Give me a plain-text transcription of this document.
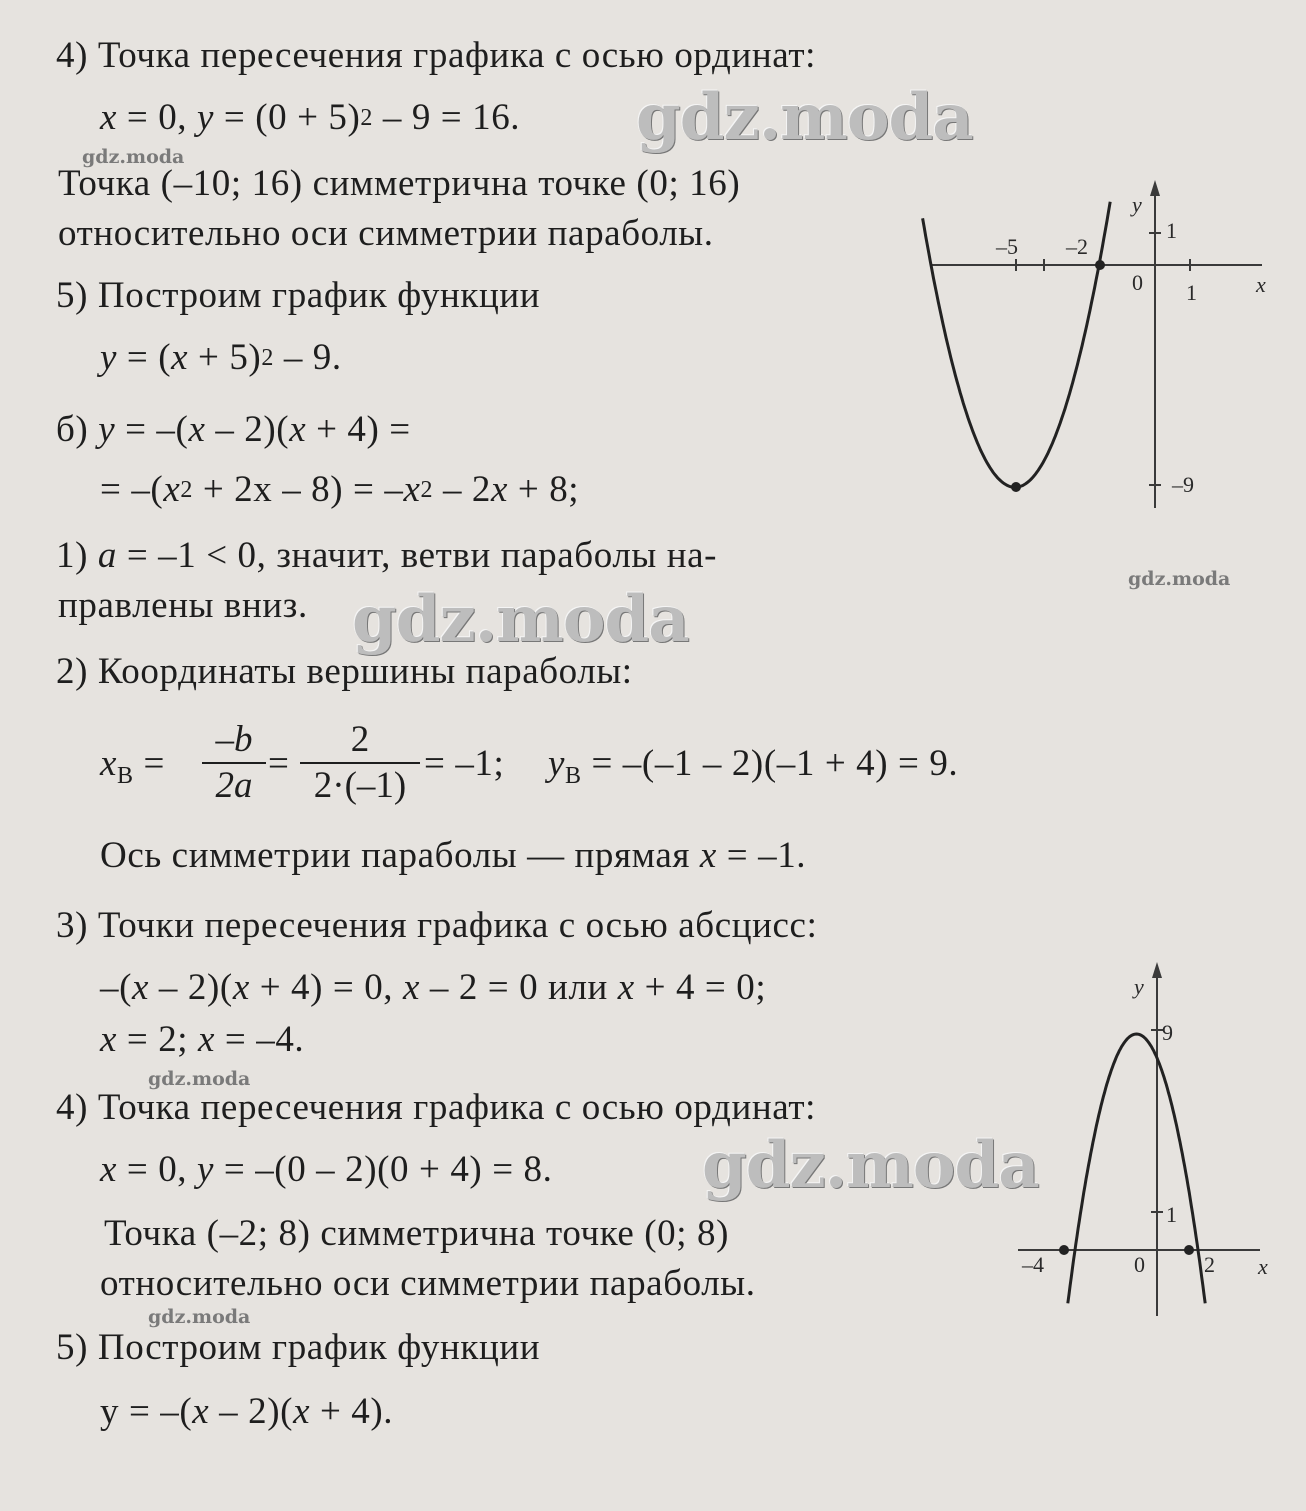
gdz.moda
gdz.moda
gdz.moda
gdz.moda
gdz.moda
gdz.moda
gdz.moda
4) Точка пересечения графика с осью ординат:
x = 0, $y = (0 + 5)^2 - 9 = 16$.
Точка (–10; 16) симметрична точке (0; 16)
относительно оси симметрии параболы.
5) Построим график функции
$y = (x + 5)^2 - 9$.
б) y = –(x – 2)(x + 4) =
= $-(x^2 + 2x - 8) = -x^2 - 2x + 8$;
1) a = –1 < 0, значит, ветви параболы на-
правлены вниз.
2) Координаты вершины параболы:
$x_В = \frac{-b}{2a} = \frac{2}{2\cdot(-1)} = -1$; $y_В = -(-1 - 2)(-1 + 4) = 9$.
Ось симметрии параболы — прямая x = –1.
3) Точки пересечения графика с осью абсцисс:
–(x – 2)(x + 4) = 0, x – 2 = 0 или x + 4 = 0;
x = 2; x = –4.
4) Точка пересечения графика с осью ординат:
x = 0, y = –(0 – 2)(0 + 4) = 8.
Точка (–2; 8) симметрична точке (0; 8)
относительно оси симметрии параболы.
5) Построим график функции
y = –(x – 2)(x + 4).
y
x
–5 –2
0 1
1
–9
y
x
9
1
–4	0	2
